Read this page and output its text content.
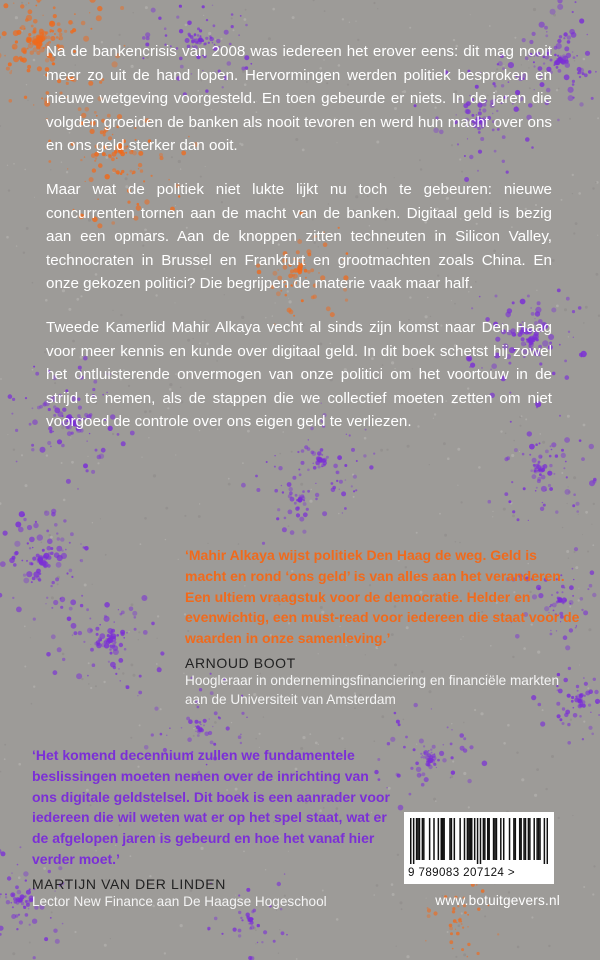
Na de bankencrisis van 2008 was iedereen het erover eens: dit mag nooit meer zo uit de hand lopen. Hervormingen werden politiek besproken en nieuwe wetgeving voorgesteld. En toen gebeurde er niets. In de jaren die volgden groeiden de banken als nooit tevoren en werd hun macht over ons en ons geld sterker dan ooit.

Maar wat de politiek niet lukte lijkt nu toch te gebeuren: nieuwe concurrenten tornen aan de macht van de banken. Digitaal geld is bezig aan een opmars. Aan de knoppen zitten techneuten in Silicon Valley, technocraten in Brussel en Frankfurt en grootmachten zoals China. En onze gekozen politici? Die begrijpen de materie vaak maar half.

Tweede Kamerlid Mahir Alkaya vecht al sinds zijn komst naar Den Haag voor meer kennis en kunde over digitaal geld. In dit boek schetst hij zowel het ontluisterende onvermogen van onze politici om het voortouw in de strijd te nemen, als de stappen die we collectief moeten zetten om niet voorgoed de controle over ons eigen geld te verliezen.

‘Mahir Alkaya wijst politiek Den Haag de weg. Geld is macht en rond ‘ons geld’ is van alles aan het veranderen. Een ultiem vraagstuk voor de democratie. Helder en evenwichtig, een must-read voor iedereen die staat voor de waarden in onze samenleving.’

ARNOUD BOOT
Hoogleraar in ondernemingsfinanciering en financiële markten aan de Universiteit van Amsterdam

‘Het komend decennium zullen we fundamentele beslissingen moeten nemen over de inrichting van ons digitale geldstelsel. Dit boek is een aanrader voor iedereen die wil weten wat er op het spel staat, wat er de afgelopen jaren is gebeurd en hoe het vanaf hier verder moet.’

MARTIJN VAN DER LINDEN
Lector New Finance aan De Haagse Hogeschool
9 789083 207124 >
www.botuitgevers.nl
